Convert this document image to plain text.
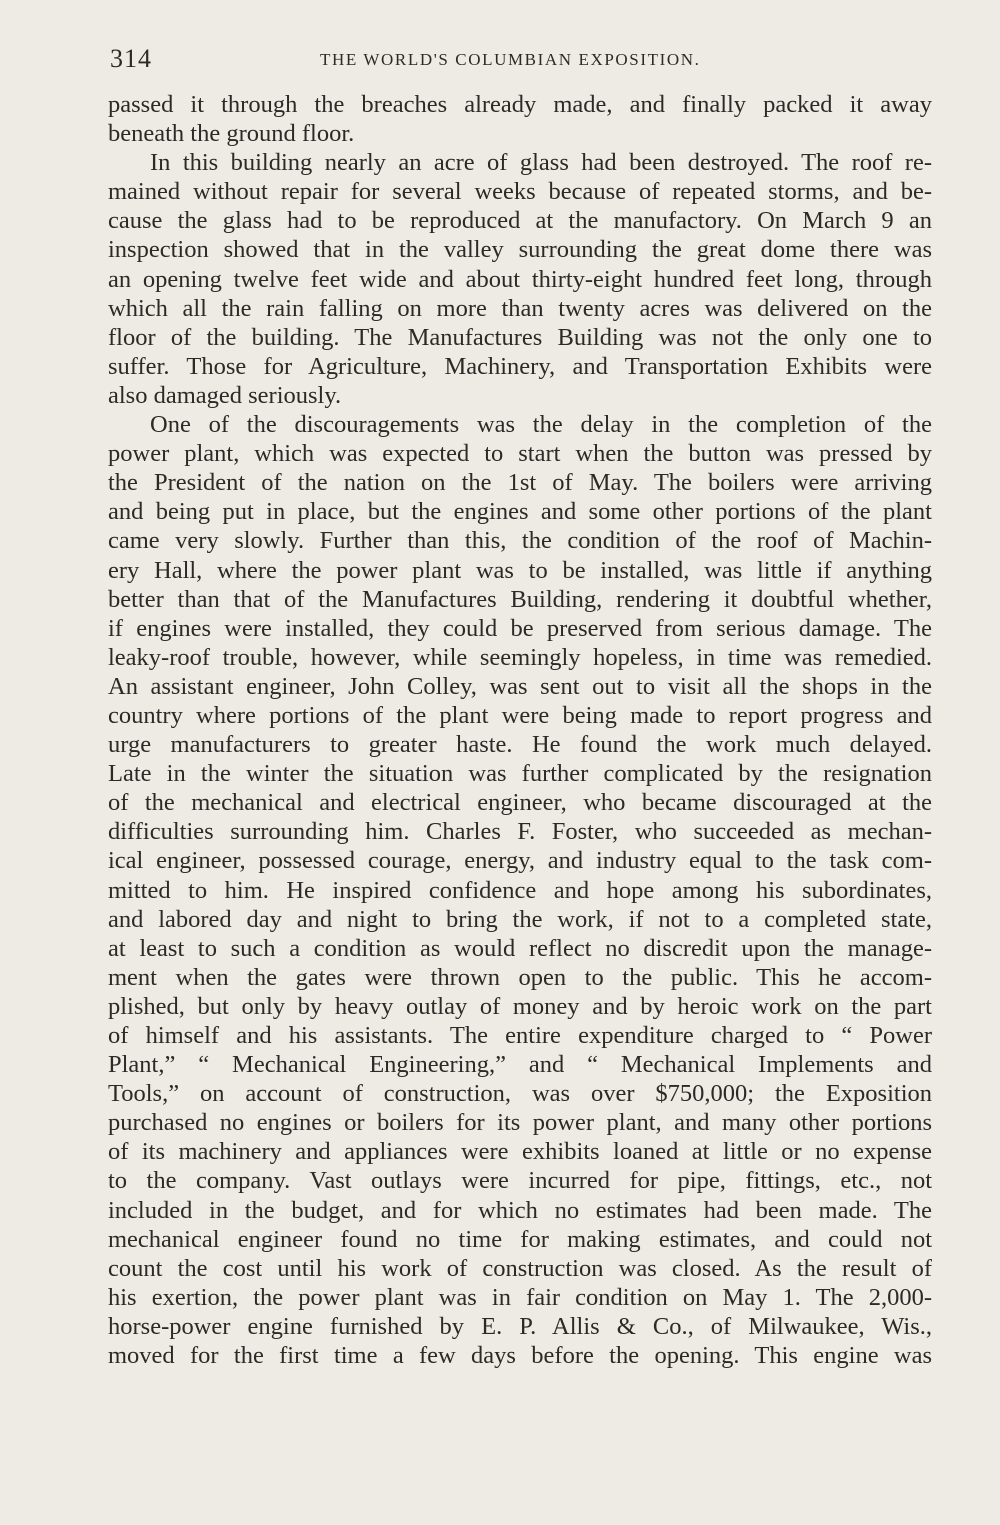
314	THE WORLD'S COLUMBIAN EXPOSITION.
passed it through the breaches already made, and finally packed it away
beneath the ground floor.
In this building nearly an acre of glass had been destroyed. The roof re-
mained without repair for several weeks because of repeated storms, and be-
cause the glass had to be reproduced at the manufactory. On March 9 an
inspection showed that in the valley surrounding the great dome there was
an opening twelve feet wide and about thirty-eight hundred feet long, through
which all the rain falling on more than twenty acres was delivered on the
floor of the building. The Manufactures Building was not the only one to
suffer. Those for Agriculture, Machinery, and Transportation Exhibits were
also damaged seriously.
One of the discouragements was the delay in the completion of the
power plant, which was expected to start when the button was pressed by
the President of the nation on the 1st of May. The boilers were arriving
and being put in place, but the engines and some other portions of the plant
came very slowly. Further than this, the condition of the roof of Machin-
ery Hall, where the power plant was to be installed, was little if anything
better than that of the Manufactures Building, rendering it doubtful whether,
if engines were installed, they could be preserved from serious damage. The
leaky-roof trouble, however, while seemingly hopeless, in time was remedied.
An assistant engineer, John Colley, was sent out to visit all the shops in the
country where portions of the plant were being made to report progress and
urge manufacturers to greater haste. He found the work much delayed.
Late in the winter the situation was further complicated by the resignation
of the mechanical and electrical engineer, who became discouraged at the
difficulties surrounding him. Charles F. Foster, who succeeded as mechan-
ical engineer, possessed courage, energy, and industry equal to the task com-
mitted to him. He inspired confidence and hope among his subordinates,
and labored day and night to bring the work, if not to a completed state,
at least to such a condition as would reflect no discredit upon the manage-
ment when the gates were thrown open to the public. This he accom-
plished, but only by heavy outlay of money and by heroic work on the part
of himself and his assistants. The entire expenditure charged to “ Power
Plant,” “ Mechanical Engineering,” and “ Mechanical Implements and
Tools,” on account of construction, was over $750,000; the Exposition
purchased no engines or boilers for its power plant, and many other portions
of its machinery and appliances were exhibits loaned at little or no expense
to the company. Vast outlays were incurred for pipe, fittings, etc., not
included in the budget, and for which no estimates had been made. The
mechanical engineer found no time for making estimates, and could not
count the cost until his work of construction was closed. As the result of
his exertion, the power plant was in fair condition on May 1. The 2,000-
horse-power engine furnished by E. P. Allis & Co., of Milwaukee, Wis.,
moved for the first time a few days before the opening. This engine was
